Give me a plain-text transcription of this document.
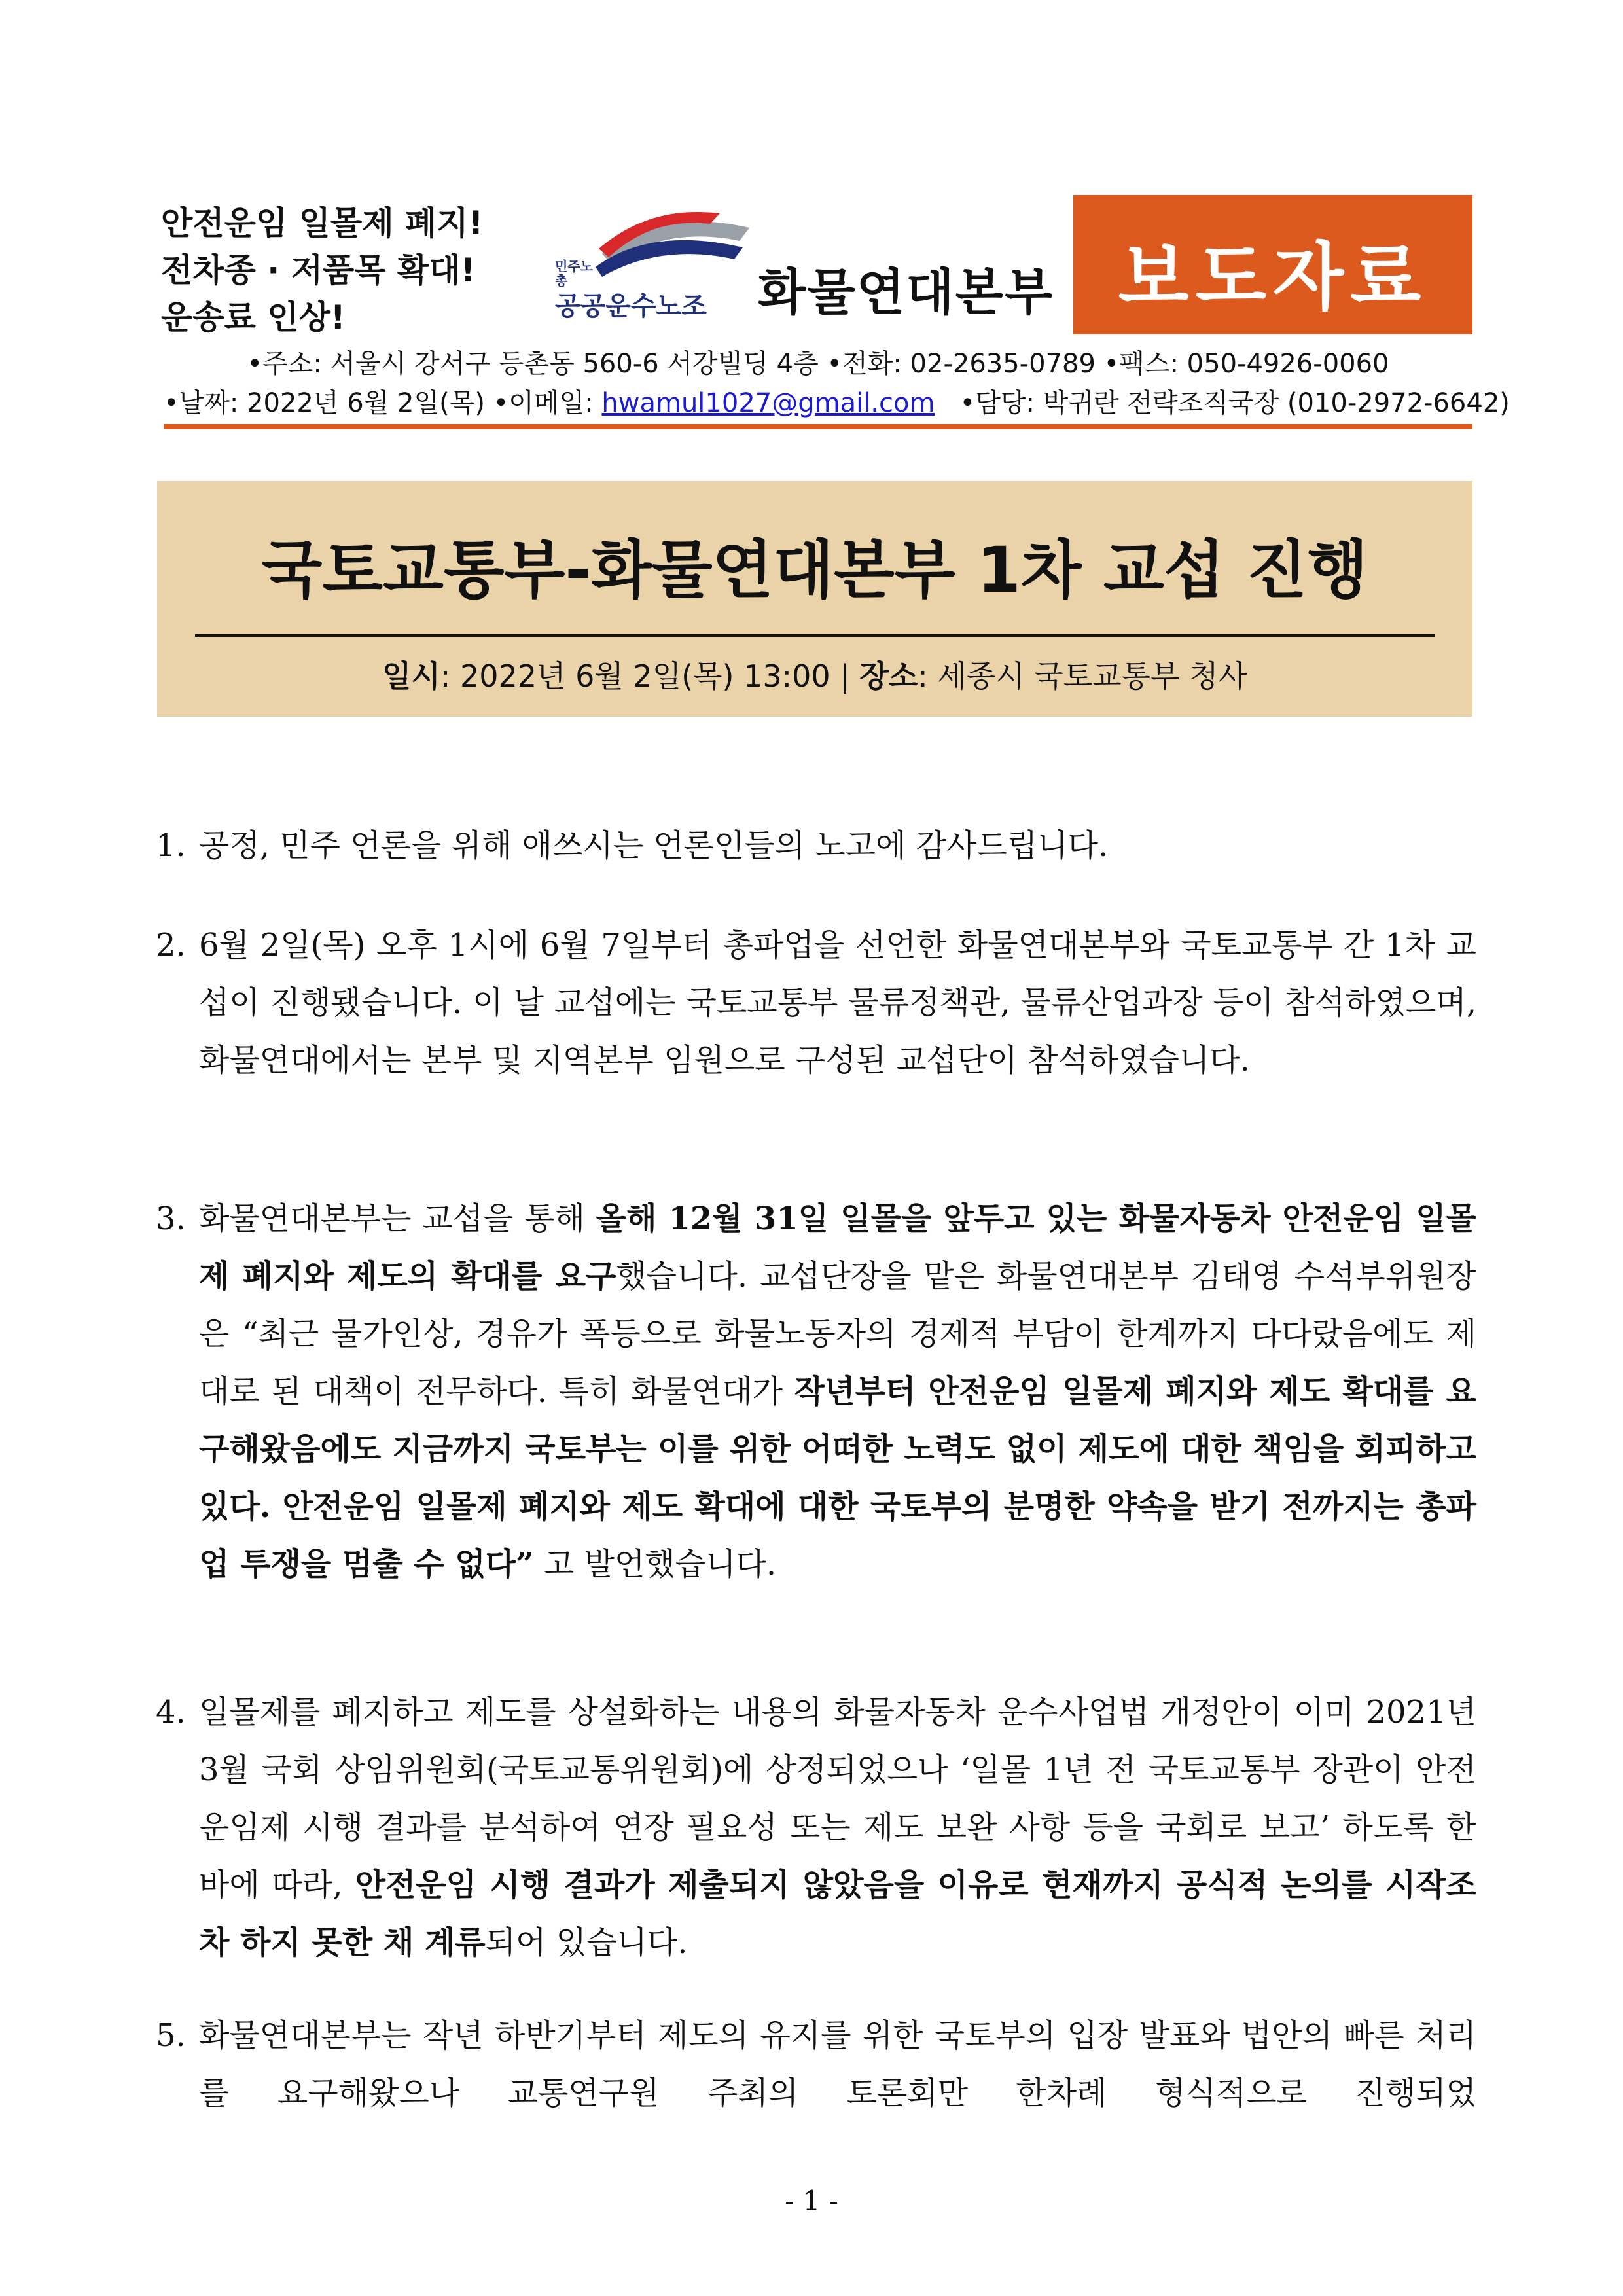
안전운임 일몰제 폐지!
전차종 · 저품목 확대!
운송료 인상!
민주노총
공공운수노조 화물연대본부 보도자료
•주소: 서울시 강서구 등촌동 560-6 서강빌딩 4층 •전화: 02-2635-0789 •팩스: 050-4926-0060
•날짜: 2022년 6월 2일(목) •이메일: hwamul1027@gmail.com •담당: 박귀란 전략조직국장 (010-2972-6642)
국토교통부-화물연대본부 1차 교섭 진행
일시: 2022년 6월 2일(목) 13:00 | 장소: 세종시 국토교통부 청사
1. 공정, 민주 언론을 위해 애쓰시는 언론인들의 노고에 감사드립니다.
2. 6월 2일(목) 오후 1시에 6월 7일부터 총파업을 선언한 화물연대본부와 국토교통부 간 1차 교섭이 진행됐습니다. 이 날 교섭에는 국토교통부 물류정책관, 물류산업과장 등이 참석하였으며, 화물연대에서는 본부 및 지역본부 임원으로 구성된 교섭단이 참석하였습니다.
3. 화물연대본부는 교섭을 통해 올해 12월 31일 일몰을 앞두고 있는 화물자동차 안전운임 일몰제 폐지와 제도의 확대를 요구했습니다. 교섭단장을 맡은 화물연대본부 김태영 수석부위원장은 “최근 물가인상, 경유가 폭등으로 화물노동자의 경제적 부담이 한계까지 다다랐음에도 제대로 된 대책이 전무하다. 특히 화물연대가 작년부터 안전운임 일몰제 폐지와 제도 확대를 요구해왔음에도 지금까지 국토부는 이를 위한 어떠한 노력도 없이 제도에 대한 책임을 회피하고 있다. 안전운임 일몰제 폐지와 제도 확대에 대한 국토부의 분명한 약속을 받기 전까지는 총파업 투쟁을 멈출 수 없다” 고 발언했습니다.
4. 일몰제를 폐지하고 제도를 상설화하는 내용의 화물자동차 운수사업법 개정안이 이미 2021년 3월 국회 상임위원회(국토교통위원회)에 상정되었으나 ‘일몰 1년 전 국토교통부 장관이 안전운임제 시행 결과를 분석하여 연장 필요성 또는 제도 보완 사항 등을 국회로 보고’ 하도록 한 바에 따라, 안전운임 시행 결과가 제출되지 않았음을 이유로 현재까지 공식적 논의를 시작조차 하지 못한 채 계류되어 있습니다.
5. 화물연대본부는 작년 하반기부터 제도의 유지를 위한 국토부의 입장 발표와 법안의 빠른 처리를 요구해왔으나 교통연구원 주최의 토론회만 한차례 형식적으로 진행되었
- 1 -
